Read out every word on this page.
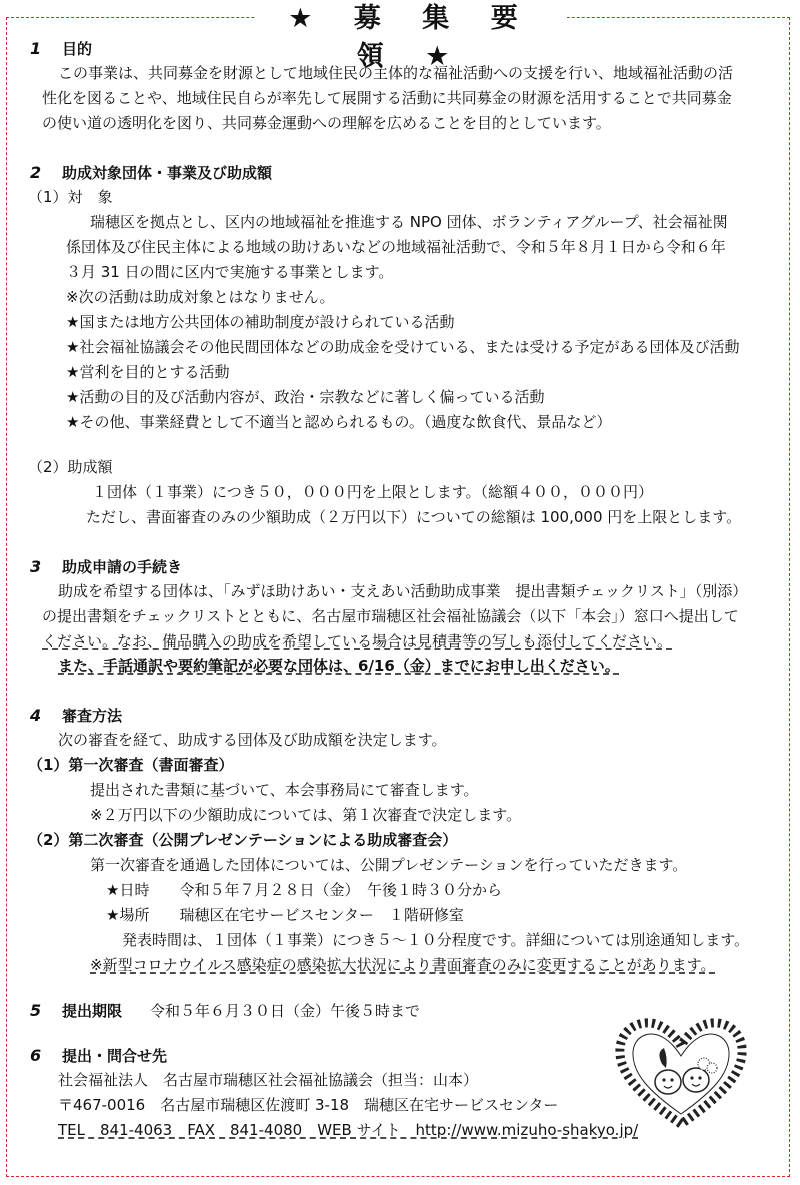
★ 募 集 要 領 ★
1 目的
この事業は、共同募金を財源として地域住民の主体的な福祉活動への支援を行い、地域福祉活動の活
性化を図ることや、地域住民自らが率先して展開する活動に共同募金の財源を活用することで共同募金
の使い道の透明化を図り、共同募金運動への理解を広めることを目的としています。
2 助成対象団体・事業及び助成額
（1）対　象
瑞穂区を拠点とし、区内の地域福祉を推進する NPO 団体、ボランティアグループ、社会福祉関
係団体及び住民主体による地域の助けあいなどの地域福祉活動で、令和５年８月１日から令和６年
３月 31 日の間に区内で実施する事業とします。
※次の活動は助成対象とはなりません。
★国または地方公共団体の補助制度が設けられている活動
★社会福祉協議会その他民間団体などの助成金を受けている、または受ける予定がある団体及び活動
★営利を目的とする活動
★活動の目的及び活動内容が、政治・宗教などに著しく偏っている活動
★その他、事業経費として不適当と認められるもの。（過度な飲食代、景品など）
（2）助成額
１団体（１事業）につき５０，０００円を上限とします。（総額４００，０００円）
ただし、書面審査のみの少額助成（２万円以下）についての総額は 100,000 円を上限とします。
3 助成申請の手続き
助成を希望する団体は、「みずほ助けあい・支えあい活動助成事業　提出書類チェックリスト」（別添）
の提出書類をチェックリストとともに、名古屋市瑞穂区社会福祉協議会（以下「本会」）窓口へ提出して
ください。なお、備品購入の助成を希望している場合は見積書等の写しも添付してください。
また、手話通訳や要約筆記が必要な団体は、6/16（金）までにお申し出ください。
4 審査方法
次の審査を経て、助成する団体及び助成額を決定します。
（1）第一次審査（書面審査）
提出された書類に基づいて、本会事務局にて審査します。
※２万円以下の少額助成については、第１次審査で決定します。
（2）第二次審査（公開プレゼンテーションによる助成審査会）
第一次審査を通過した団体については、公開プレゼンテーションを行っていただきます。
★日時　　令和５年７月２８日（金）　午後１時３０分から
★場所　　瑞穂区在宅サービスセンター　１階研修室
発表時間は、１団体（１事業）につき５～１０分程度です。詳細については別途通知します。
※新型コロナウイルス感染症の感染拡大状況により書面審査のみに変更することがあります。
5 提出期限 令和５年６月３０日（金）午後５時まで
6 提出・問合せ先
社会福祉法人　名古屋市瑞穂区社会福祉協議会（担当：山本）
〒467-0016　名古屋市瑞穂区佐渡町 3-18　瑞穂区在宅サービスセンター
TEL　841-4063　FAX　841-4080　WEB サイト　http://www.mizuho-shakyo.jp/
